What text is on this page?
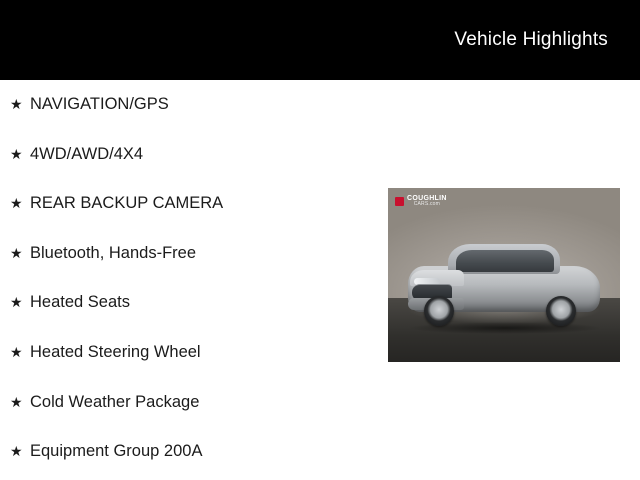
Vehicle Highlights
★ NAVIGATION/GPS
★ 4WD/AWD/4X4
★ REAR BACKUP CAMERA
★ Bluetooth, Hands-Free
★ Heated Seats
★ Heated Steering Wheel
★ Cold Weather Package
★ Equipment Group 200A
COUGHLIN
CARS.com
